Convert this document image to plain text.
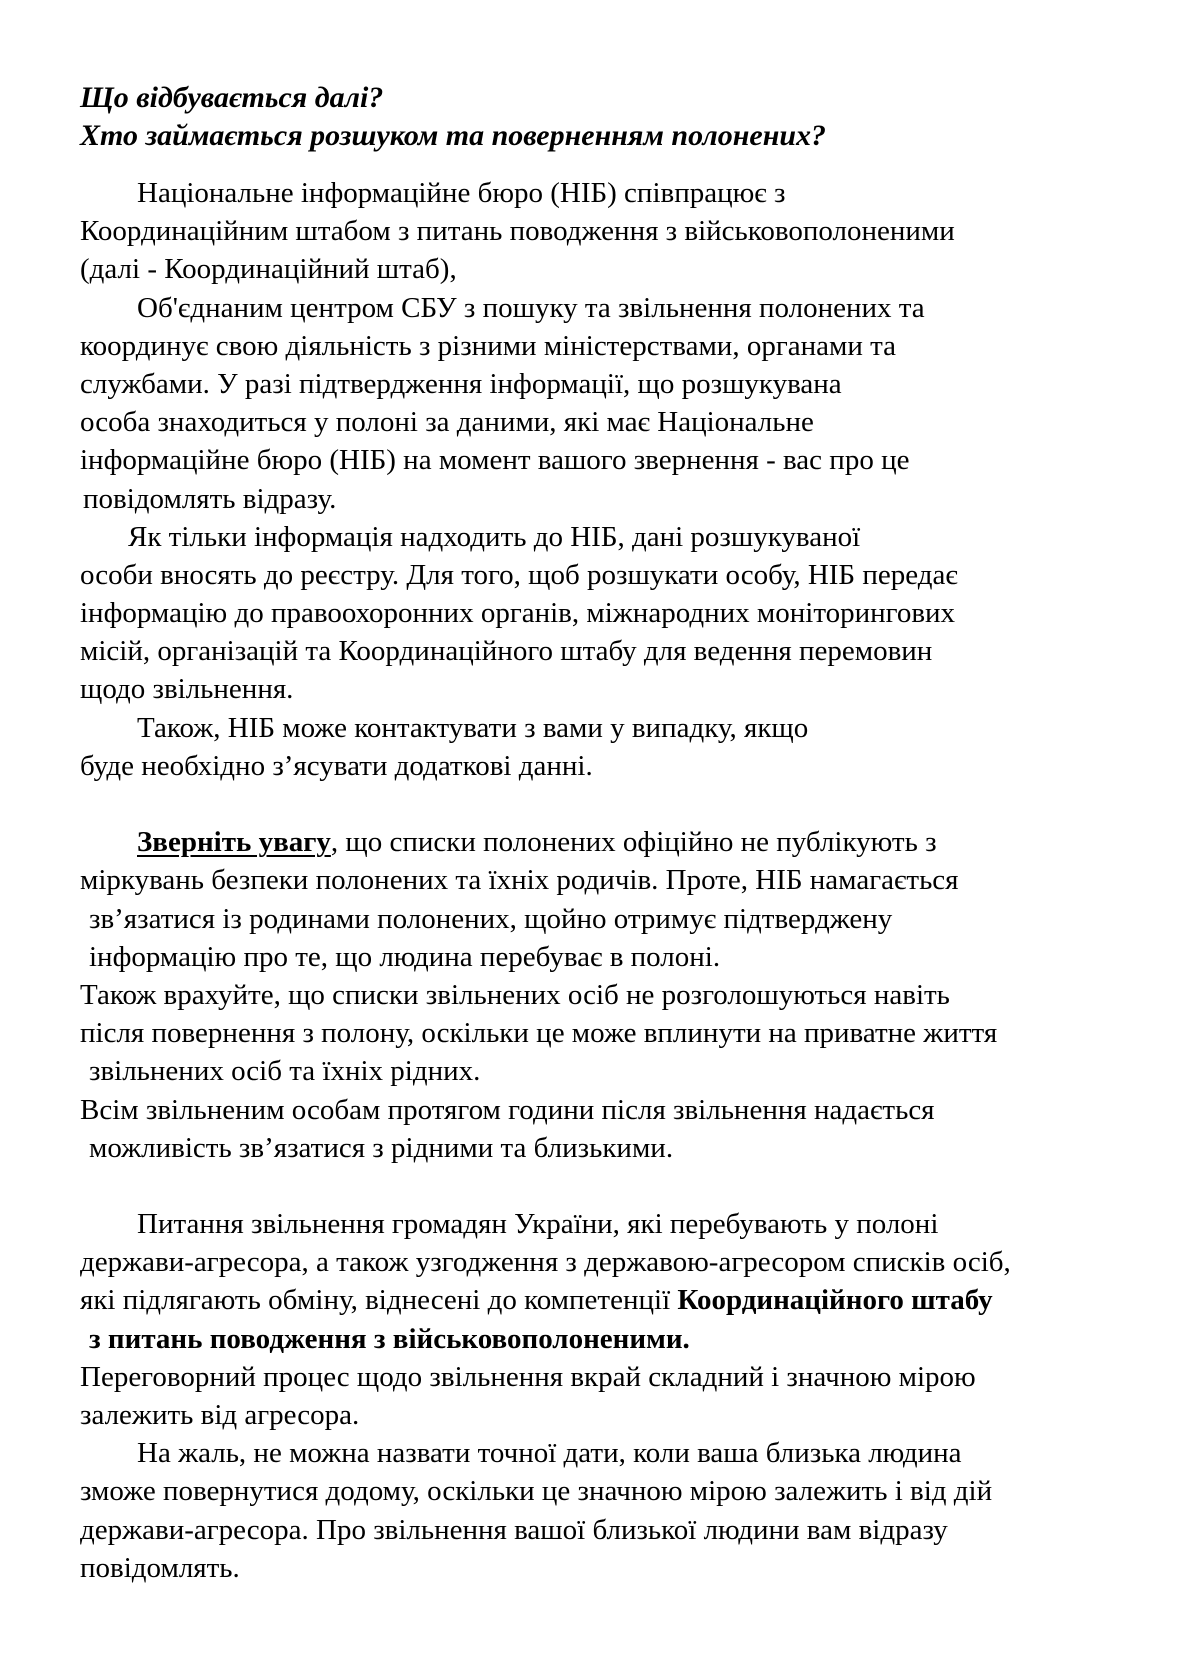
Що відбувається далі?
Хто займається розшуком та поверненням полонених?
Національне інформаційне бюро (НІБ) співпрацює з
Координаційним штабом з питань поводження з військовополоненими
(далі - Координаційний штаб),
Об'єднаним центром СБУ з пошуку та звільнення полонених та
координує свою діяльність з різними міністерствами, органами та
службами. У разі підтвердження інформації, що розшукувана
особа знаходиться у полоні за даними, які має Національне
інформаційне бюро (НІБ) на момент вашого звернення - вас про це
повідомлять відразу.
Як тільки інформація надходить до НІБ, дані розшукуваної
особи вносять до реєстру. Для того, щоб розшукати особу, НІБ передає
інформацію до правоохоронних органів, міжнародних моніторингових
місій, організацій та Координаційного штабу для ведення перемовин
щодо звільнення.
Також, НІБ може контактувати з вами у випадку, якщо
буде необхідно з’ясувати додаткові данні.
Зверніть увагу, що списки полонених офіційно не публікують з
міркувань безпеки полонених та їхніх родичів. Проте, НІБ намагається
зв’язатися із родинами полонених, щойно отримує підтверджену
інформацію про те, що людина перебуває в полоні.
Також врахуйте, що списки звільнених осіб не розголошуються навіть
після повернення з полону, оскільки це може вплинути на приватне життя
звільнених осіб та їхніх рідних.
Всім звільненим особам протягом години після звільнення надається
можливість зв’язатися з рідними та близькими.
Питання звільнення громадян України, які перебувають у полоні
держави-агресора, а також узгодження з державою-агресором списків осіб,
які підлягають обміну, віднесені до компетенції Координаційного штабу
з питань поводження з військовополоненими.
Переговорний процес щодо звільнення вкрай складний і значною мірою
залежить від агресора.
На жаль, не можна назвати точної дати, коли ваша близька людина
зможе повернутися додому, оскільки це значною мірою залежить і від дій
держави-агресора. Про звільнення вашої близької людини вам відразу
повідомлять.
